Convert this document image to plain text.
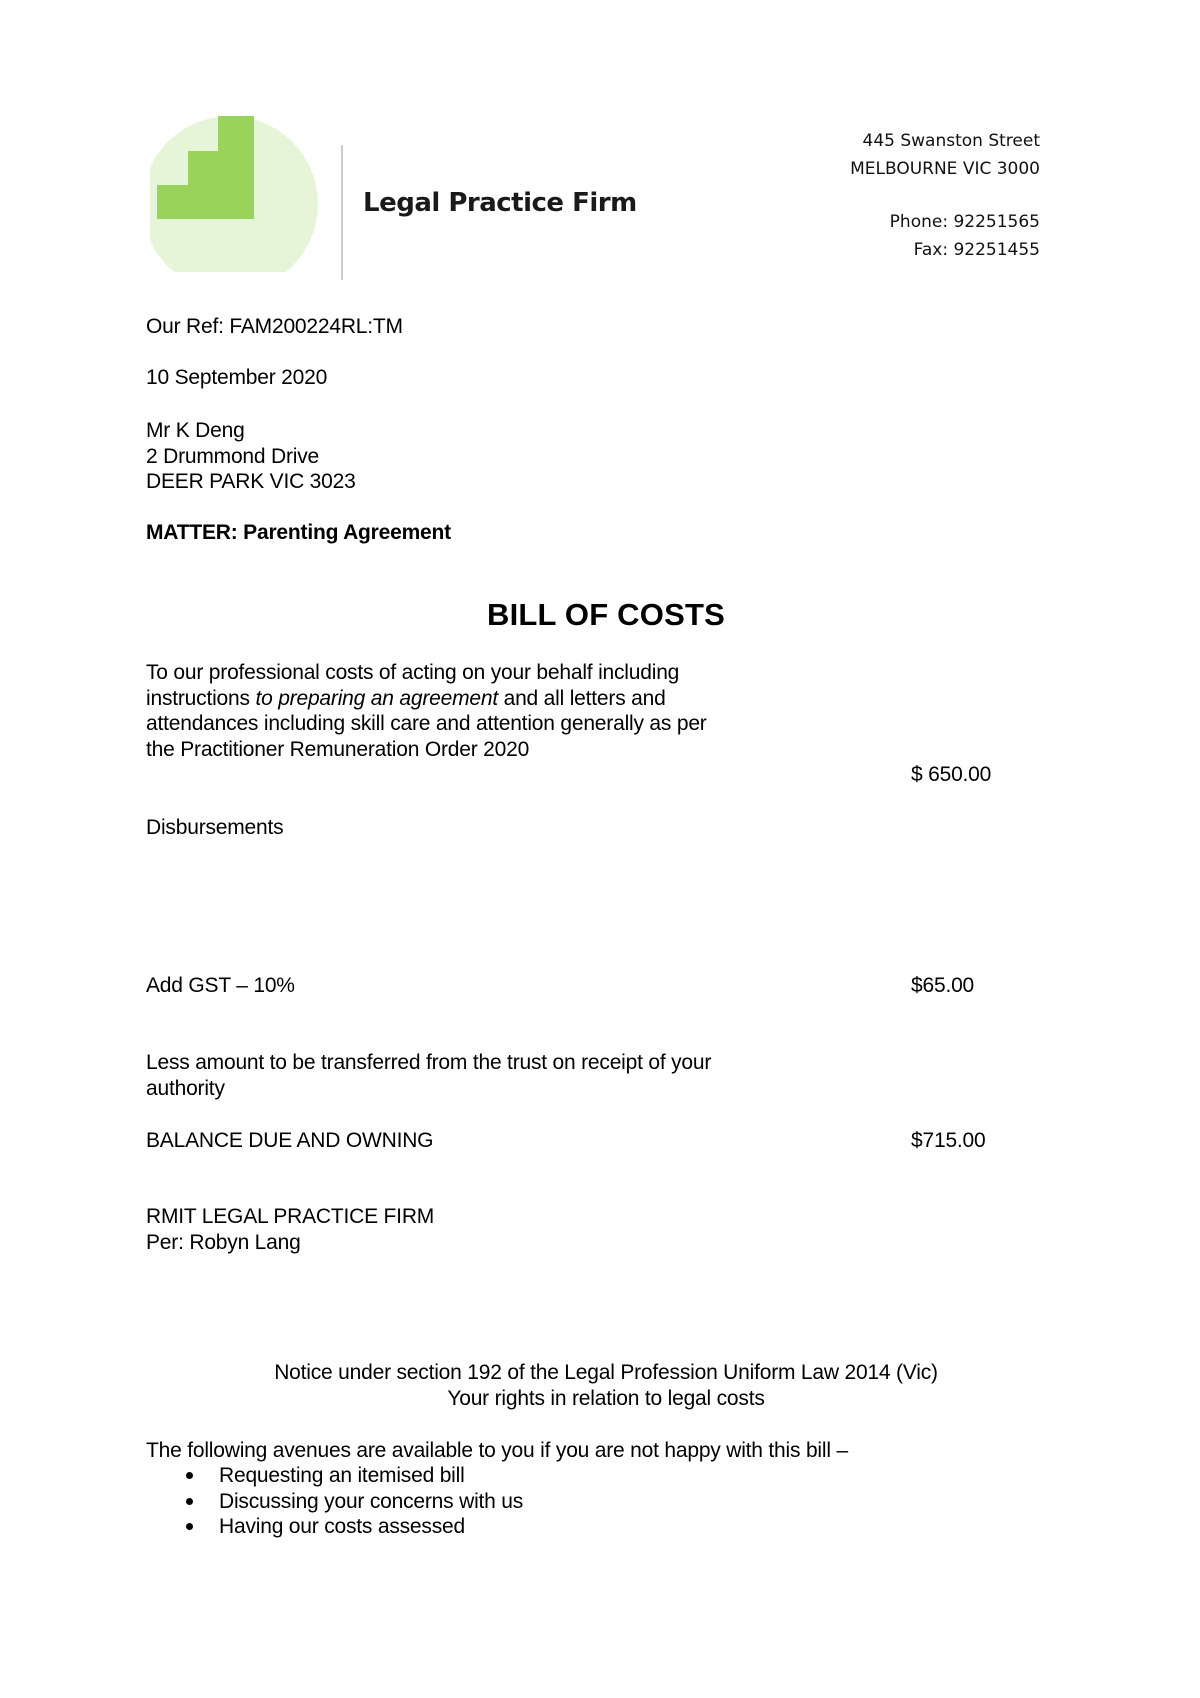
Legal Practice Firm
445 Swanston Street
MELBOURNE VIC 3000
Phone: 92251565
Fax: 92251455
Our Ref: FAM200224RL:TM
10 September 2020
Mr K Deng
2 Drummond Drive
DEER PARK VIC 3023
MATTER: Parenting Agreement
BILL OF COSTS
To our professional costs of acting on your behalf including instructions to preparing an agreement and all letters and attendances including skill care and attention generally as per the Practitioner Remuneration Order 2020
$ 650.00
Disbursements
Add GST – 10%	$65.00
Less amount to be transferred from the trust on receipt of your authority
BALANCE DUE AND OWNING	$715.00
RMIT LEGAL PRACTICE FIRM
Per: Robyn Lang
Notice under section 192 of the Legal Profession Uniform Law 2014 (Vic)
Your rights in relation to legal costs
The following avenues are available to you if you are not happy with this bill –
Requesting an itemised bill
Discussing your concerns with us
Having our costs assessed
